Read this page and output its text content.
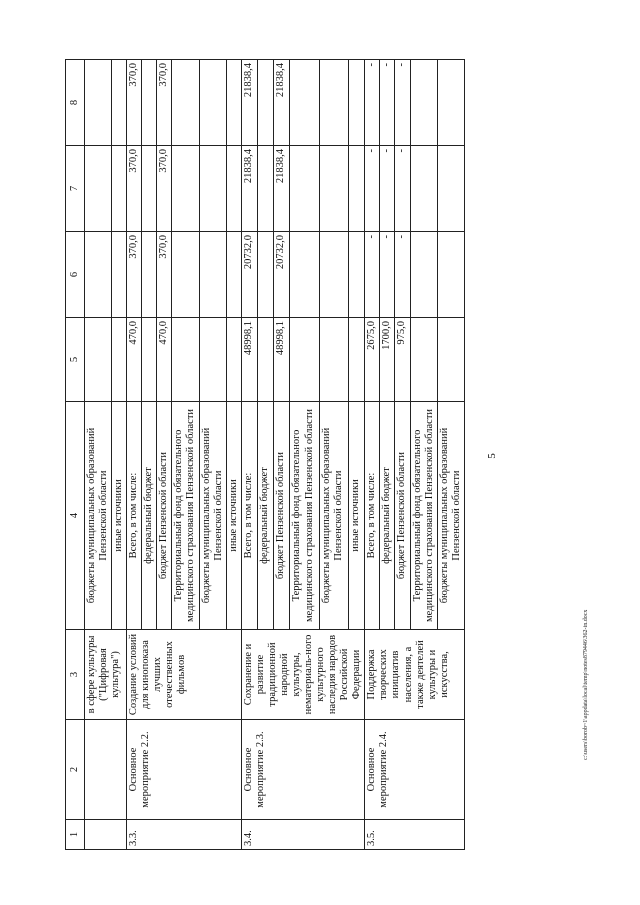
5
c:\users\borob~1\appdata\local\temp\notes879446\362-in.docx
1	2	3	4	5	6	7	8
		в сфере культуры ("Цифровая культура")	бюджеты муниципальных образований Пензенской области				
			иные источники				
3.3.	Основное мероприятие 2.2.	Создание условий для кинопоказа лучших отечественных фильмов	Всего, в том числе:	470,0	370,0	370,0	370,0
			федеральный бюджет				
			бюджет Пензенской области	470,0	370,0	370,0	370,0
			Территориальный фонд обязательного медицинского страхования Пензенской области				
			бюджеты муниципальных образований Пензенской области				
			иные источники				
3.4.	Основное мероприятие 2.3.	Сохранение и развитие традиционной народной культуры, нематериаль-ного культурного наследия народов Российской Федерации	Всего, в том числе:	48998,1	20732,0	21838,4	21838,4
			федеральный бюджет				
			бюджет Пензенской области	48998,1	20732,0	21838,4	21838,4
			Территориальный фонд обязательного медицинского страхования Пензенской области				
			бюджеты муниципальных образований Пензенской области				
			иные источники				
3.5.	Основное мероприятие 2.4.	Поддержка творческих инициатив населения, а также деятелей культуры и искусства,	Всего, в том числе:	2675,0	-	-	-
			федеральный бюджет	1700,0	-	-	-
			бюджет Пензенской области	975,0	-	-	-
			Территориальный фонд обязательного медицинского страхования Пензенской области				
			бюджеты муниципальных образований Пензенской области				
